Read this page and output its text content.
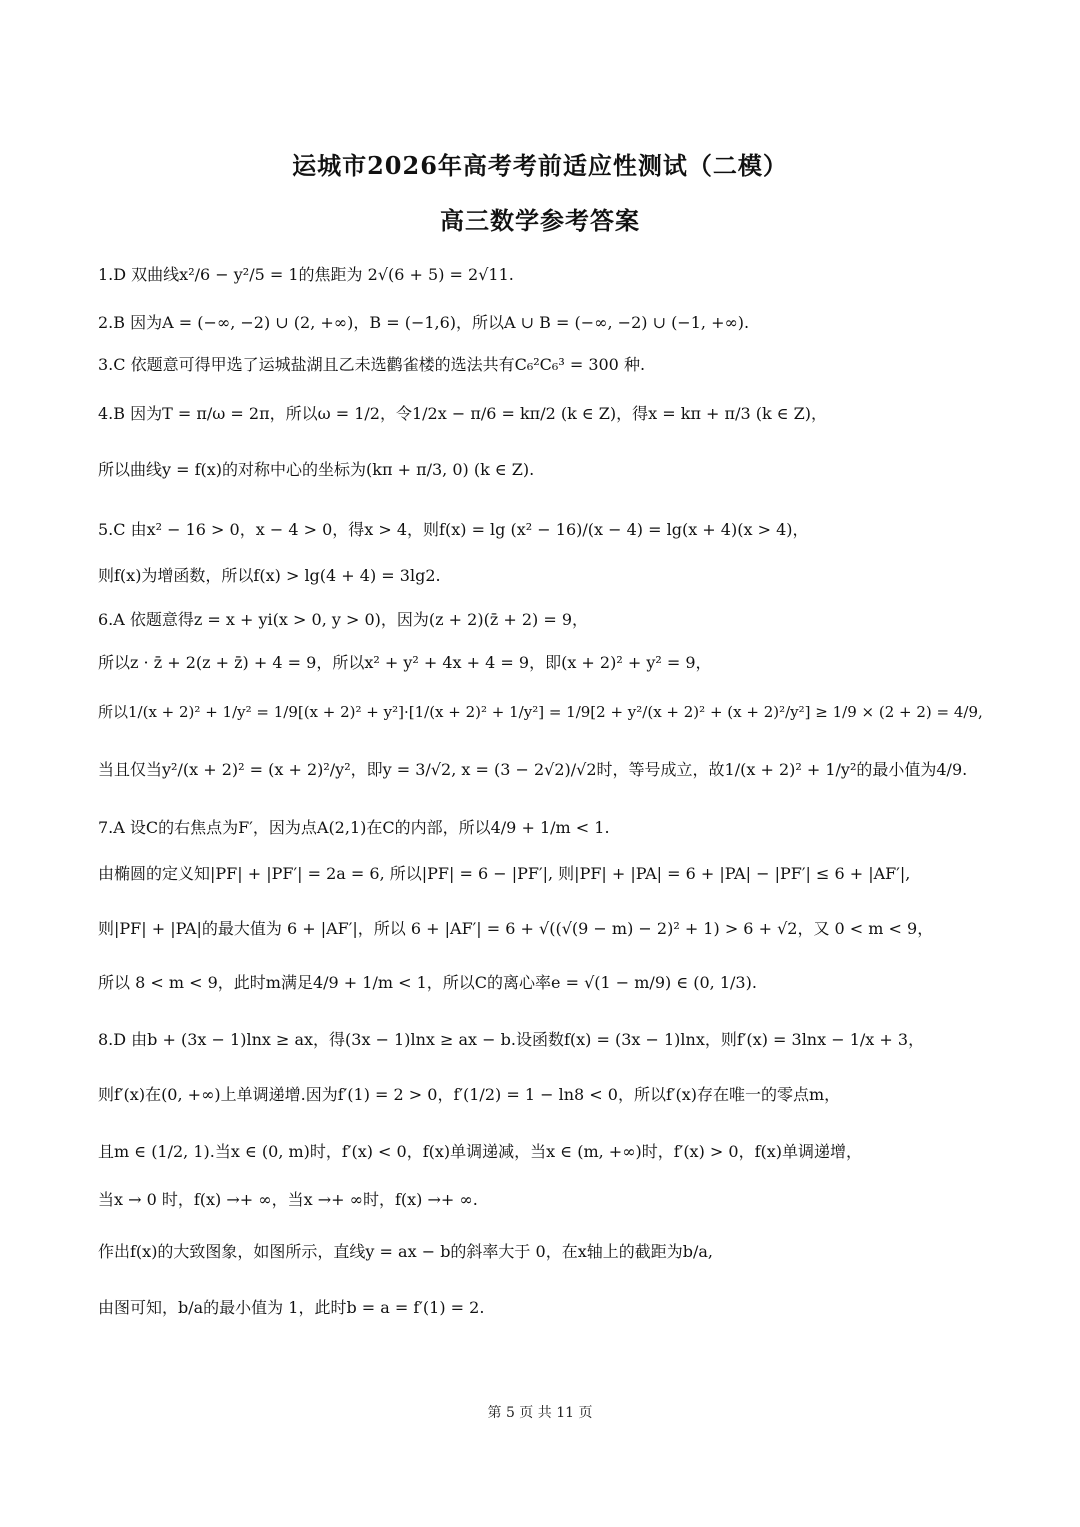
运城市2026年高考考前适应性测试（二模）
高三数学参考答案
1.D 双曲线x²/6 − y²/5 = 1的焦距为 2√(6 + 5) = 2√11.
2.B 因为A = (−∞, −2) ∪ (2, +∞)，B = (−1,6)，所以A ∪ B = (−∞, −2) ∪ (−1, +∞).
3.C 依题意可得甲选了运城盐湖且乙未选鹳雀楼的选法共有C₆²C₆³ = 300 种.
4.B 因为T = π/ω = 2π，所以ω = 1/2，令1/2x − π/6 = kπ/2 (k ∈ Z)，得x = kπ + π/3 (k ∈ Z)，
所以曲线y = f(x)的对称中心的坐标为(kπ + π/3, 0) (k ∈ Z).
5.C 由x² − 16 > 0，x − 4 > 0，得x > 4，则f(x) = lg (x² − 16)/(x − 4) = lg(x + 4)(x > 4)，
则f(x)为增函数，所以f(x) > lg(4 + 4) = 3lg2.
6.A 依题意得z = x + yi(x > 0, y > 0)，因为(z + 2)(z̄ + 2) = 9，
所以z · z̄ + 2(z + z̄) + 4 = 9，所以x² + y² + 4x + 4 = 9，即(x + 2)² + y² = 9，
所以1/(x + 2)² + 1/y² = 1/9[(x + 2)² + y²]·[1/(x + 2)² + 1/y²] = 1/9[2 + y²/(x + 2)² + (x + 2)²/y²] ≥ 1/9 × (2 + 2) = 4/9,
当且仅当y²/(x + 2)² = (x + 2)²/y²，即y = 3/√2, x = (3 − 2√2)/√2时，等号成立，故1/(x + 2)² + 1/y²的最小值为4/9.
7.A 设C的右焦点为F′，因为点A(2,1)在C的内部，所以4/9 + 1/m < 1.
由椭圆的定义知|PF| + |PF′| = 2a = 6, 所以|PF| = 6 − |PF′|, 则|PF| + |PA| = 6 + |PA| − |PF′| ≤ 6 + |AF′|,
则|PF| + |PA|的最大值为 6 + |AF′|，所以 6 + |AF′| = 6 + √((√(9 − m) − 2)² + 1) > 6 + √2，又 0 < m < 9，
所以 8 < m < 9，此时m满足4/9 + 1/m < 1，所以C的离心率e = √(1 − m/9) ∈ (0, 1/3).
8.D 由b + (3x − 1)lnx ≥ ax，得(3x − 1)lnx ≥ ax − b.设函数f(x) = (3x − 1)lnx，则f′(x) = 3lnx − 1/x + 3，
则f′(x)在(0, +∞)上单调递增.因为f′(1) = 2 > 0，f′(1/2) = 1 − ln8 < 0，所以f′(x)存在唯一的零点m，
且m ∈ (1/2, 1).当x ∈ (0, m)时，f′(x) < 0，f(x)单调递减，当x ∈ (m, +∞)时，f′(x) > 0，f(x)单调递增，
当x → 0 时，f(x) →+ ∞，当x →+ ∞时，f(x) →+ ∞.
作出f(x)的大致图象，如图所示，直线y = ax − b的斜率大于 0，在x轴上的截距为b/a,
由图可知，b/a的最小值为 1，此时b = a = f′(1) = 2.
第 5 页 共 11 页
